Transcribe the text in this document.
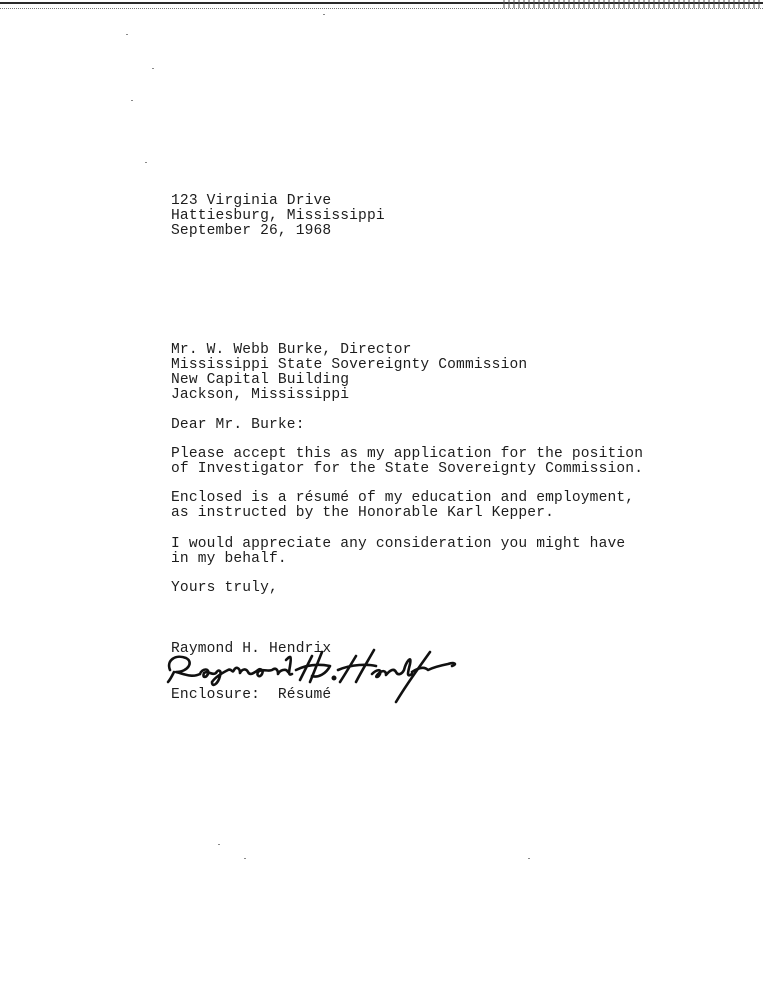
123 Virginia Drive
Hattiesburg, Mississippi
September 26, 1968
Mr. W. Webb Burke, Director
Mississippi State Sovereignty Commission
New Capital Building
Jackson, Mississippi
Dear Mr. Burke:
Please accept this as my application for the position
of Investigator for the State Sovereignty Commission.
Enclosed is a résumé of my education and employment,
as instructed by the Honorable Karl Kepper.
I would appreciate any consideration you might have
in my behalf.
Yours truly,
Raymond H. Hendrix
Enclosure:  Résumé
